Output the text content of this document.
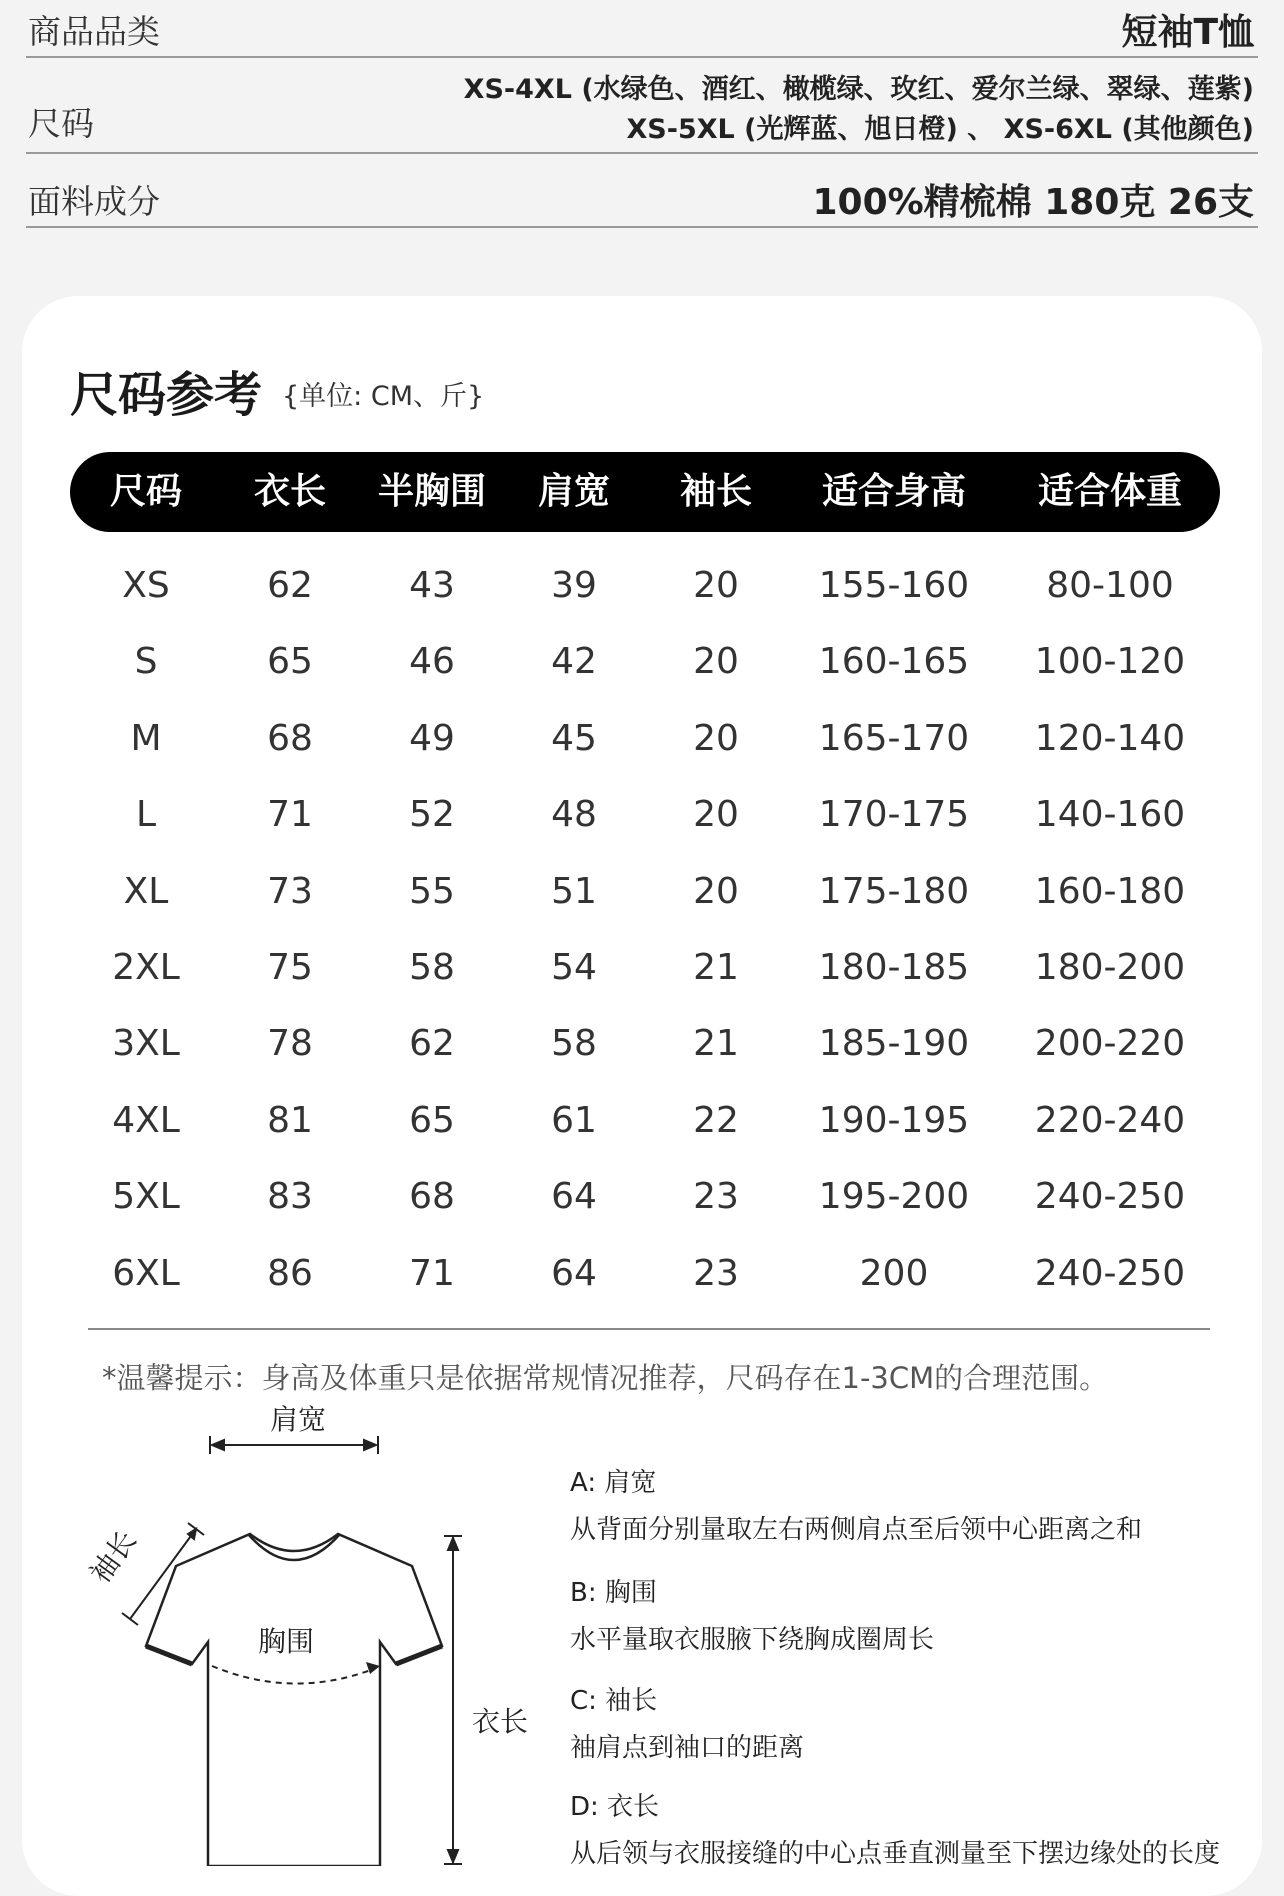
商品品类	短袖T恤
尺码
XS-4XL (水绿色、酒红、橄榄绿、玫红、爱尔兰绿、翠绿、莲紫)
XS-5XL (光辉蓝、旭日橙) 、 XS-6XL (其他颜色)
面料成分	100%精梳棉 180克 26支
尺码参考 {单位: CM、斤}
尺码 衣长 半胸围 肩宽 袖长 适合身高 适合体重
XS	62	43	39	20 155-160 80-100
S	65	46	42	20 160-165 100-120
M	68	49	45	20 165-170 120-140
L	71	52	48	20 170-175 140-160
XL	73	55	51	20 175-180 160-180
2XL 75	58	54	21 180-185 180-200
3XL 78	62	58	21 185-190 200-220
4XL 81	65	61	22 190-195 220-240
5XL 83	68	64	23 195-200 240-250
6XL 86	71	64	23	200	240-250
*温馨提示：身高及体重只是依据常规情况推荐，尺码存在1-3CM的合理范围。
肩宽
袖长
胸围
衣长
A: 肩宽
从背面分别量取左右两侧肩点至后领中心距离之和
B: 胸围
水平量取衣服腋下绕胸成圈周长
C: 袖长
袖肩点到袖口的距离
D: 衣长
从后领与衣服接缝的中心点垂直测量至下摆边缘处的长度
